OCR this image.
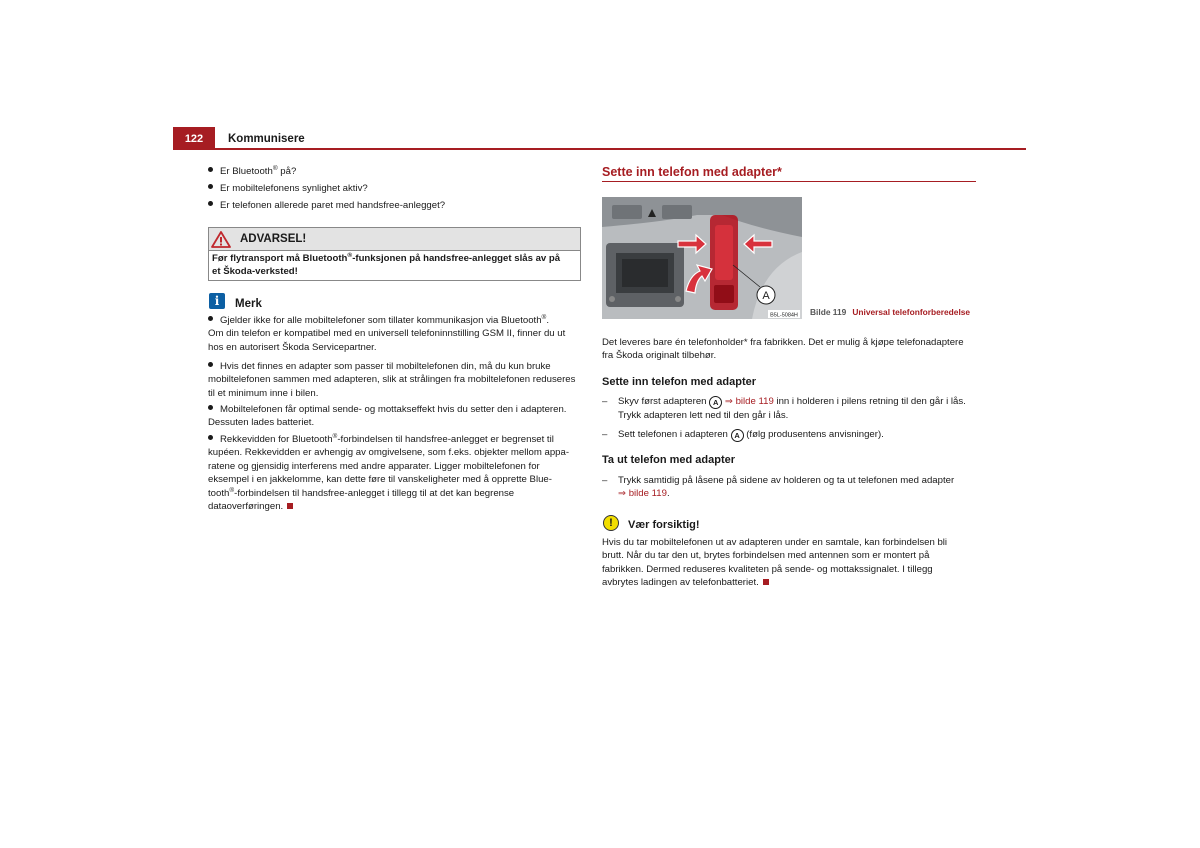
122	Kommunisere
Er Bluetooth® på?
Er mobiltelefonens synlighet aktiv?
Er telefonen allerede paret med handsfree-anlegget?
ADVARSEL!
Før flytransport må Bluetooth®-funksjonen på handsfree-anlegget slås av på
et Škoda-verksted!
i	Merk
Gjelder ikke for alle mobiltelefoner som tillater kommunikasjon via Bluetooth®.
Om din telefon er kompatibel med en universell telefoninnstilling GSM II, finner du ut
hos en autorisert Škoda Servicepartner.
Hvis det finnes en adapter som passer til mobiltelefonen din, må du kun bruke
mobiltelefonen sammen med adapteren, slik at strålingen fra mobiltelefonen reduseres
til et minimum inne i bilen.
Mobiltelefonen får optimal sende- og mottakseffekt hvis du setter den i adapteren.
Dessuten lades batteriet.
Rekkevidden for Bluetooth®-forbindelsen til handsfree-anlegget er begrenset til
kupéen. Rekkevidden er avhengig av omgivelsene, som f.eks. objekter mellom appa-
ratene og gjensidig interferens med andre apparater. Ligger mobiltelefonen for
eksempel i en jakkelomme, kan dette føre til vanskeligheter med å opprette Blue-
tooth®-forbindelsen til handsfree-anlegget i tillegg til at det kan begrense
dataoverføringen.
Sette inn telefon med adapter*
A
B5L-5084H Bilde 119 Universal telefonforberedelse
Det leveres bare én telefonholder* fra fabrikken. Det er mulig å kjøpe telefonadaptere
fra Škoda originalt tilbehør.
Sette inn telefon med adapter
– Skyv først adapteren A ⇒ bilde 119 inn i holderen i pilens retning til den går i lås.
Trykk adapteren lett ned til den går i lås.
– Sett telefonen i adapteren A (følg produsentens anvisninger).
Ta ut telefon med adapter
– Trykk samtidig på låsene på sidene av holderen og ta ut telefonen med adapter
⇒ bilde 119.
!	Vær forsiktig!
Hvis du tar mobiltelefonen ut av adapteren under en samtale, kan forbindelsen bli
brutt. Når du tar den ut, brytes forbindelsen med antennen som er montert på
fabrikken. Dermed reduseres kvaliteten på sende- og mottakssignalet. I tillegg
avbrytes ladingen av telefonbatteriet.
